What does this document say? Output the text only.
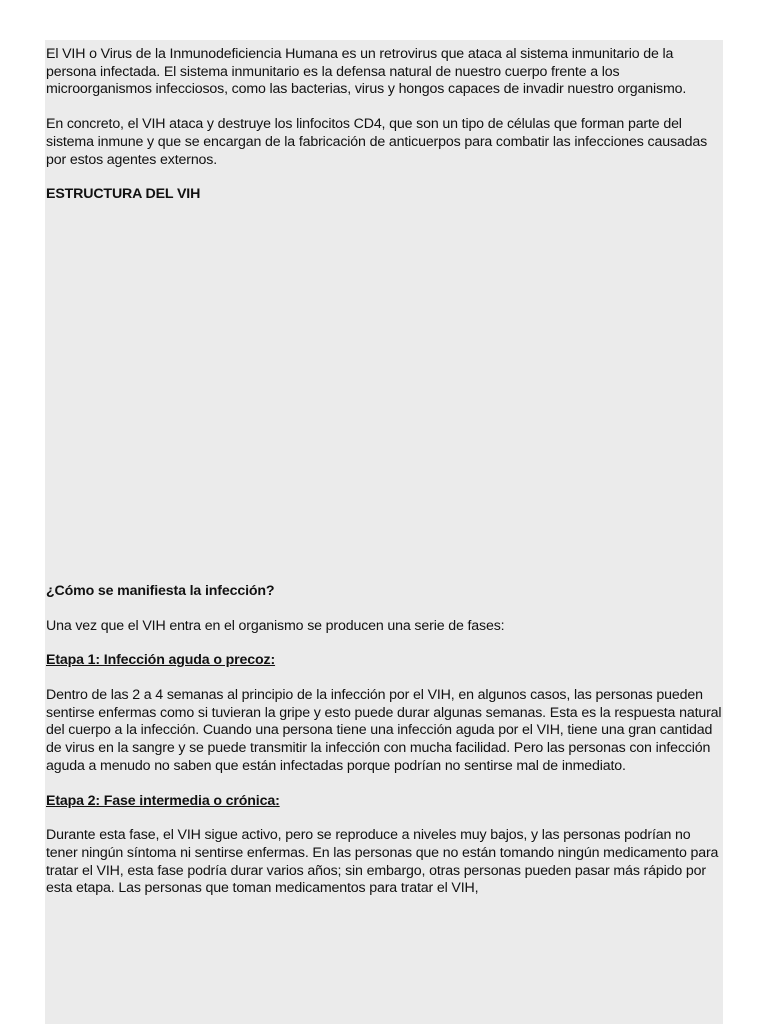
El VIH o Virus de la Inmunodeficiencia Humana es un retrovirus que ataca al sistema inmunitario de la persona infectada. El sistema inmunitario es la defensa natural de nuestro cuerpo frente a los microorganismos infecciosos, como las bacterias, virus y hongos capaces de invadir nuestro organismo.

En concreto, el VIH ataca y destruye los linfocitos CD4, que son un tipo de células que forman parte del sistema inmune y que se encargan de la fabricación de anticuerpos para combatir las infecciones causadas por estos agentes externos.

ESTRUCTURA DEL VIH

¿Cómo se manifiesta la infección?

Una vez que el VIH entra en el organismo se producen una serie de fases:

Etapa 1: Infección aguda o precoz:

Dentro de las 2 a 4 semanas al principio de la infección por el VIH, en algunos casos, las personas pueden sentirse enfermas como si tuvieran la gripe y esto puede durar algunas semanas. Esta es la respuesta natural del cuerpo a la infección. Cuando una persona tiene una infección aguda por el VIH, tiene una gran cantidad de virus en la sangre y se puede transmitir la infección con mucha facilidad. Pero las personas con infección aguda a menudo no saben que están infectadas porque podrían no sentirse mal de inmediato.

Etapa 2: Fase intermedia o crónica:

Durante esta fase, el VIH sigue activo, pero se reproduce a niveles muy bajos, y las personas podrían no tener ningún síntoma ni sentirse enfermas. En las personas que no están tomando ningún medicamento para tratar el VIH, esta fase podría durar varios años; sin embargo, otras personas pueden pasar más rápido por esta etapa. Las personas que toman medicamentos para tratar el VIH,
